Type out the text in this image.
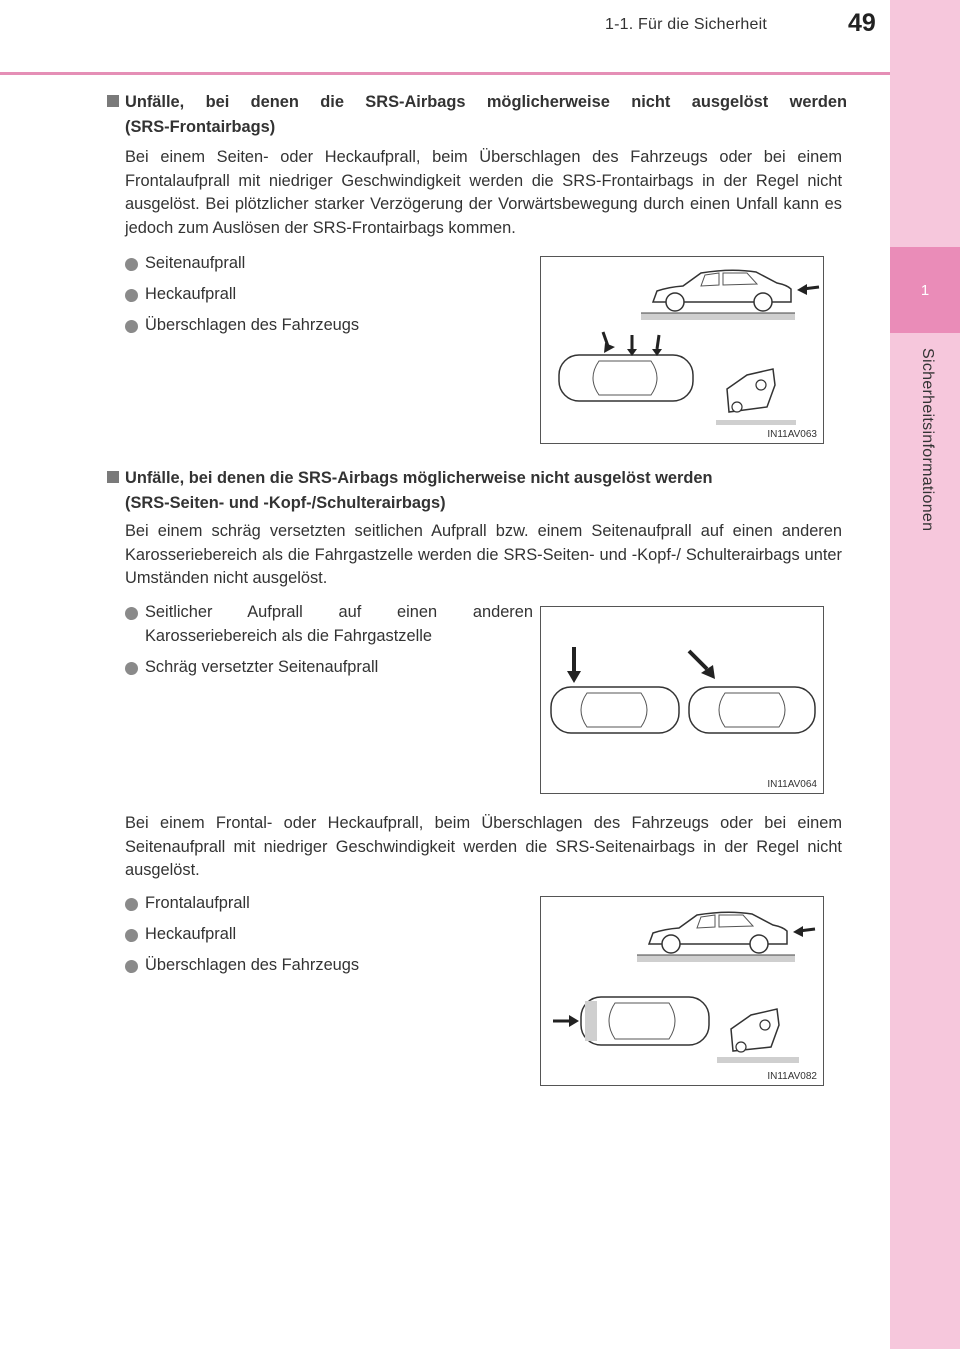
1-1. Für die Sicherheit	49
1
Sicherheitsinformationen
Unfälle, bei denen die SRS-Airbags möglicherweise nicht ausgelöst werden
(SRS-Frontairbags)
Bei einem Seiten- oder Heckaufprall, beim Überschlagen des Fahrzeugs oder bei einem Frontalaufprall mit niedriger Geschwindigkeit werden die SRS-Frontairbags in der Regel nicht ausgelöst. Bei plötzlicher starker Verzögerung der Vorwärtsbewegung durch einen Unfall kann es jedoch zum Auslösen der SRS-Frontairbags kommen.
Seitenaufprall
Heckaufprall
Überschlagen des Fahrzeugs
IN11AV063
Unfälle, bei denen die SRS-Airbags möglicherweise nicht ausgelöst werden
(SRS-Seiten- und -Kopf-/Schulterairbags)
Bei einem schräg versetzten seitlichen Aufprall bzw. einem Seitenaufprall auf einen anderen Karosseriebereich als die Fahrgastzelle werden die SRS-Seiten- und -Kopf-/ Schulterairbags unter Umständen nicht ausgelöst.
Seitlicher Aufprall auf einen anderen Karosseriebereich als die Fahrgastzelle
Schräg versetzter Seitenaufprall
IN11AV064
Bei einem Frontal- oder Heckaufprall, beim Überschlagen des Fahrzeugs oder bei einem Seitenaufprall mit niedriger Geschwindigkeit werden die SRS-Seitenairbags in der Regel nicht ausgelöst.
Frontalaufprall
Heckaufprall
Überschlagen des Fahrzeugs
IN11AV082
